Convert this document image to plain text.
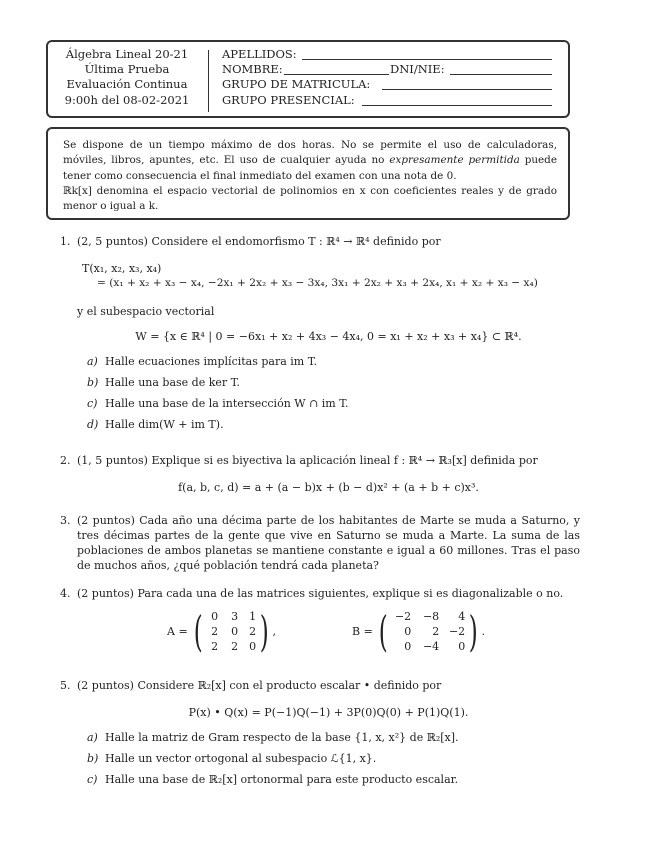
Álgebra Lineal 20-21
Última Prueba
Evaluación Continua
9:00h del 08-02-2021
APELLIDOS:
NOMBRE:	DNI/NIE:
GRUPO DE MATRICULA:
GRUPO PRESENCIAL:

Se dispone de un tiempo máximo de dos horas. No se permite el uso de calculadoras, móviles, libros, apuntes, etc. El uso de cualquier ayuda no expresamente permitida puede tener como consecuencia el final inmediato del examen con una nota de 0.

ℝk[x] denomina el espacio vectorial de polinomios en x con coeficientes reales y de grado menor o igual a k.

1. (2, 5 puntos) Considere el endomorfismo T : ℝ⁴ → ℝ⁴ definido por
T(x₁, x₂, x₃, x₄)
= (x₁ + x₂ + x₃ − x₄, −2x₁ + 2x₂ + x₃ − 3x₄, 3x₁ + 2x₂ + x₃ + 2x₄, x₁ + x₂ + x₃ − x₄)
y el subespacio vectorial
W = {x ∈ ℝ⁴ | 0 = −6x₁ + x₂ + 4x₃ − 4x₄, 0 = x₁ + x₂ + x₃ + x₄} ⊂ ℝ⁴.
a) Halle ecuaciones implícitas para im T.
b) Halle una base de ker T.
c) Halle una base de la intersección W ∩ im T.
d) Halle dim(W + im T).
2. (1, 5 puntos) Explique si es biyectiva la aplicación lineal f : ℝ⁴ → ℝ₃[x] definida por
f(a, b, c, d) = a + (a − b)x + (b − d)x² + (a + b + c)x³.
3. (2 puntos) Cada año una décima parte de los habitantes de Marte se muda a Saturno, y tres décimas partes de la gente que vive en Saturno se muda a Marte. La suma de las poblaciones de ambos planetas se mantiene constante e igual a 60 millones. Tras el paso de muchos años, ¿qué población tendrá cada planeta?
4. (2 puntos) Para cada una de las matrices siguientes, explique si es diagonalizable o no.
A = ( 0	3	1
2	0	2
2	2	0 ) ,	B = ( −2	−8	4
0	2 −2
0	−4	0 ) .
5. (2 puntos) Considere ℝ₂[x] con el producto escalar • definido por
P(x) • Q(x) = P(−1)Q(−1) + 3P(0)Q(0) + P(1)Q(1).
a) Halle la matriz de Gram respecto de la base {1, x, x²} de ℝ₂[x].
b) Halle un vector ortogonal al subespacio ℒ{1, x}.
c) Halle una base de ℝ₂[x] ortonormal para este producto escalar.
